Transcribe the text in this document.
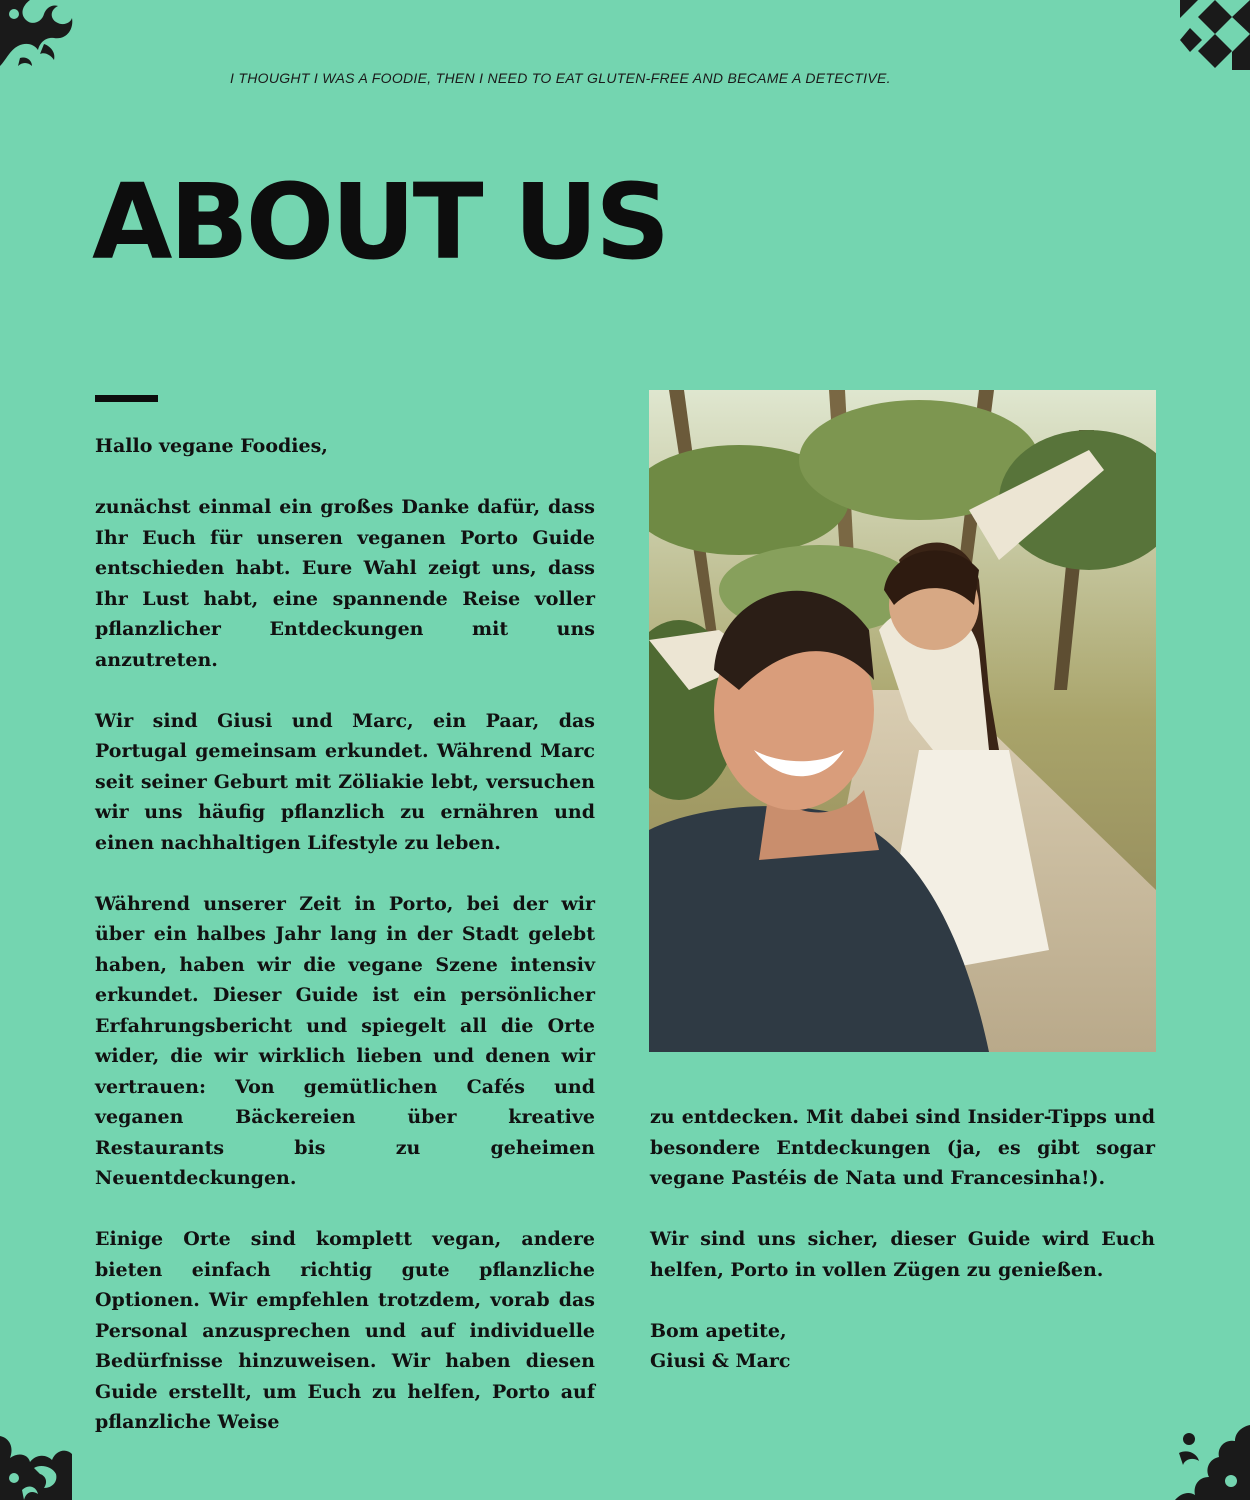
I THOUGHT I WAS A FOODIE, THEN I NEED TO EAT GLUTEN-FREE AND BECAME A DETECTIVE.

ABOUT US

Hallo vegane Foodies,

zunächst einmal ein großes Danke dafür, dass Ihr Euch für unseren veganen Porto Guide entschieden habt. Eure Wahl zeigt uns, dass Ihr Lust habt, eine spannende Reise voller pflanzlicher Entdeckungen mit uns anzutreten.

Wir sind Giusi und Marc, ein Paar, das Portugal gemeinsam erkundet. Während Marc seit seiner Geburt mit Zöliakie lebt, versuchen wir uns häufig pflanzlich zu ernähren und einen nachhaltigen Lifestyle zu leben.

Während unserer Zeit in Porto, bei der wir über ein halbes Jahr lang in der Stadt gelebt haben, haben wir die vegane Szene intensiv erkundet. Dieser Guide ist ein persönlicher Erfahrungsbericht und spiegelt all die Orte wider, die wir wirklich lieben und denen wir vertrauen: Von gemütlichen Cafés und veganen Bäckereien über kreative Restaurants bis zu geheimen Neuentdeckungen.

Einige Orte sind komplett vegan, andere bieten einfach richtig gute pflanzliche Optionen. Wir empfehlen trotzdem, vorab das Personal anzusprechen und auf individuelle Bedürfnisse hinzuweisen. Wir haben diesen Guide erstellt, um Euch zu helfen, Porto auf pflanzliche Weise

zu entdecken. Mit dabei sind Insider-Tipps und besondere Entdeckungen (ja, es gibt sogar vegane Pastéis de Nata und Francesinha!).

Wir sind uns sicher, dieser Guide wird Euch helfen, Porto in vollen Zügen zu genießen.

Bom apetite,

Giusi & Marc
